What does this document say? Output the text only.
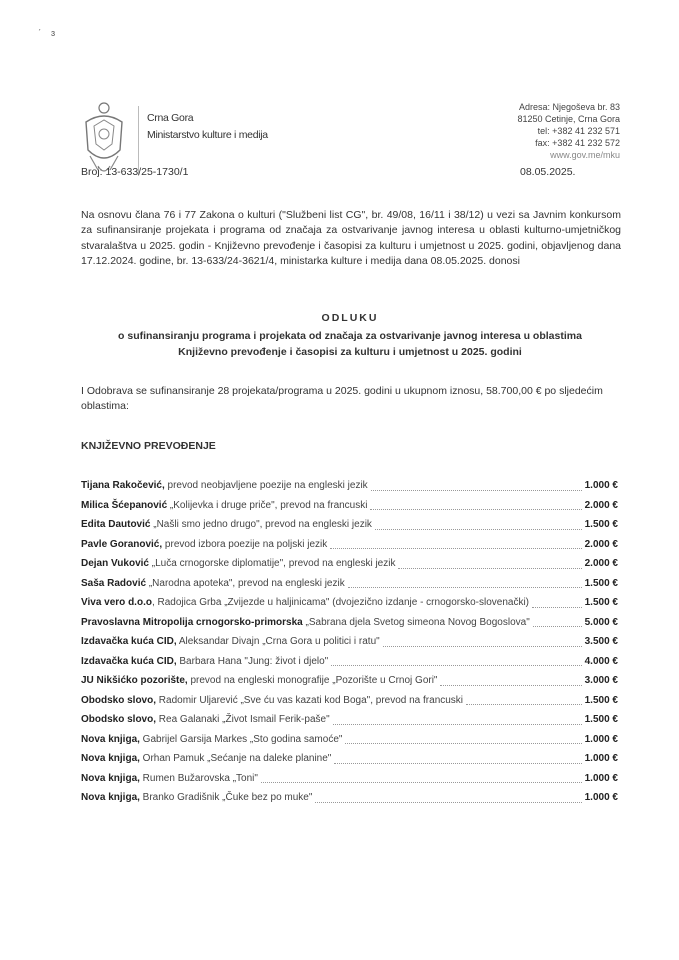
ˊ    ɜ
Crna Gora
Ministarstvo kulture i medija
Adresa: Njegoševa br. 83
81250 Cetinje, Crna Gora
tel: +382 41 232 571
fax: +382 41 232 572
www.gov.me/mku
Broj: 13-633/25-1730/1	08.05.2025.
Na osnovu člana 76 i 77 Zakona o kulturi ("Službeni list CG", br. 49/08, 16/11 i 38/12) u vezi sa Javnim konkursom za sufinansiranje projekata i programa od značaja za ostvarivanje javnog interesa u oblasti kulturno-umjetničkog stvaralaštva u 2025. godin - Književno prevođenje i časopisi za kulturu i umjetnost u 2025. godini, objavljenog dana 17.12.2024. godine, br. 13-633/24-3621/4, ministarka kulture i medija dana 08.05.2025. donosi
ODLUKU
o sufinansiranju programa i projekata od značaja za ostvarivanje javnog interesa u oblastima Književno prevođenje i časopisi za kulturu i umjetnost u 2025. godini
I Odobrava se sufinansiranje 28 projekata/programa u 2025. godini u ukupnom iznosu, 58.700,00 € po sljedećim oblastima:
KNJIŽEVNO PREVOĐENJE
Tijana Rakočević, prevod neobjavljene poezije na engleski jezik	1.000 €
Milica Šćepanović „Kolijevka i druge priče", prevod na francuski	2.000 €
Edita Dautović „Našli smo jedno drugo", prevod na engleski jezik	1.500 €
Pavle Goranović, prevod izbora poezije na poljski jezik	2.000 €
Dejan Vuković „Luča crnogorske diplomatije", prevod na engleski jezik	2.000 €
Saša Radović „Narodna apoteka", prevod na engleski jezik	1.500 €
Viva vero d.o.o, Radojica Grba „Zvijezde u haljinicama" (dvojezično izdanje - crnogorsko-slovenački)	1.500 €
Pravoslavna Mitropolija crnogorsko-primorska „Sabrana djela Svetog simeona Novog Bogoslova"	5.000 €
Izdavačka kuća CID, Aleksandar Divajn „Crna Gora u politici i ratu"	3.500 €
Izdavačka kuća CID, Barbara Hana "Jung: život i djelo"	4.000 €
JU Nikšićko pozorište, prevod na engleski monografije „Pozorište u Crnoj Gori"	3.000 €
Obodsko slovo, Radomir Uljarević „Sve ću vas kazati kod Boga", prevod na francuski	1.500 €
Obodsko slovo, Rea Galanaki „Život Ismail Ferik-paše"	1.500 €
Nova knjiga, Gabrijel Garsija Markes „Sto godina samoće"	1.000 €
Nova knjiga, Orhan Pamuk „Sećanje na daleke planine"	1.000 €
Nova knjiga, Rumen Bužarovska „Toni"	1.000 €
Nova knjiga, Branko Gradišnik „Čuke bez po muke"	1.000 €
